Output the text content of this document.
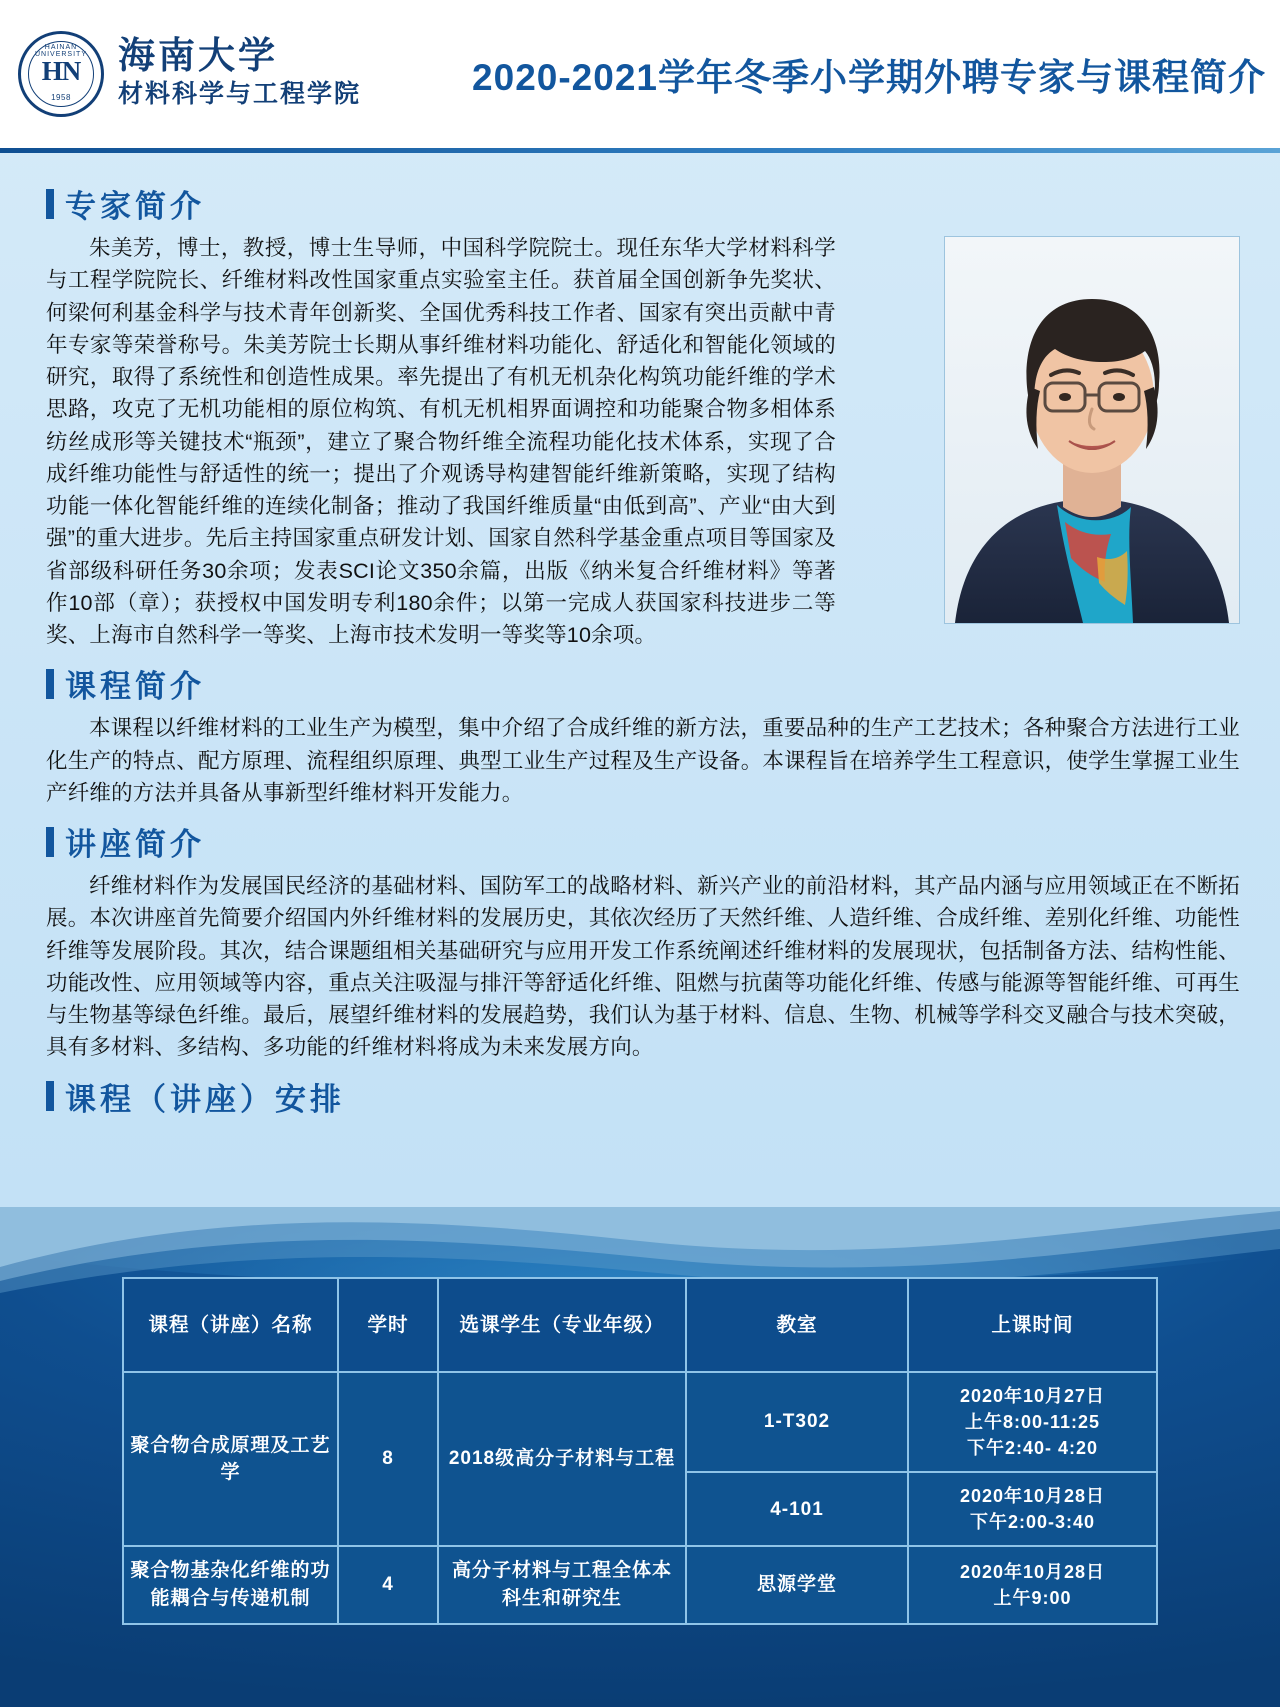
HAINAN UNIVERSITY
HN
1958
海南大学
材料科学与工程学院	2020-2021学年冬季小学期外聘专家与课程简介
专家简介

朱美芳，博士，教授，博士生导师，中国科学院院士。现任东华大学材料科学与工程学院院长、纤维材料改性国家重点实验室主任。获首届全国创新争先奖状、何梁何利基金科学与技术青年创新奖、全国优秀科技工作者、国家有突出贡献中青年专家等荣誉称号。朱美芳院士长期从事纤维材料功能化、舒适化和智能化领域的研究，取得了系统性和创造性成果。率先提出了有机无机杂化构筑功能纤维的学术思路，攻克了无机功能相的原位构筑、有机无机相界面调控和功能聚合物多相体系纺丝成形等关键技术“瓶颈”，建立了聚合物纤维全流程功能化技术体系，实现了合成纤维功能性与舒适性的统一；提出了介观诱导构建智能纤维新策略，实现了结构功能一体化智能纤维的连续化制备；推动了我国纤维质量“由低到高”、产业“由大到强”的重大进步。先后主持国家重点研发计划、国家自然科学基金重点项目等国家及省部级科研任务30余项；发表SCI论文350余篇，出版《纳米复合纤维材料》等著作10部（章）；获授权中国发明专利180余件；以第一完成人获国家科技进步二等奖、上海市自然科学一等奖、上海市技术发明一等奖等10余项。

课程简介

本课程以纤维材料的工业生产为模型，集中介绍了合成纤维的新方法，重要品种的生产工艺技术；各种聚合方法进行工业化生产的特点、配方原理、流程组织原理、典型工业生产过程及生产设备。本课程旨在培养学生工程意识，使学生掌握工业生产纤维的方法并具备从事新型纤维材料开发能力。

讲座简介

纤维材料作为发展国民经济的基础材料、国防军工的战略材料、新兴产业的前沿材料，其产品内涵与应用领域正在不断拓展。本次讲座首先简要介绍国内外纤维材料的发展历史，其依次经历了天然纤维、人造纤维、合成纤维、差别化纤维、功能性纤维等发展阶段。其次，结合课题组相关基础研究与应用开发工作系统阐述纤维材料的发展现状，包括制备方法、结构性能、功能改性、应用领域等内容，重点关注吸湿与排汗等舒适化纤维、阻燃与抗菌等功能化纤维、传感与能源等智能纤维、可再生与生物基等绿色纤维。最后，展望纤维材料的发展趋势，我们认为基于材料、信息、生物、机械等学科交叉融合与技术突破，具有多材料、多结构、多功能的纤维材料将成为未来发展方向。

课程（讲座）安排
课程（讲座）名称	学时	选课学生（专业年级）	教室	上课时间
聚合物合成原理及工艺学	8	2018级高分子材料与工程	1-T302	2020年10月27日
上午8:00-11:25
下午2:40- 4:20
			4-101	2020年10月28日
下午2:00-3:40
聚合物基杂化纤维的功能耦合与传递机制	4	高分子材料与工程全体本科生和研究生	思源学堂	2020年10月28日
上午9:00
